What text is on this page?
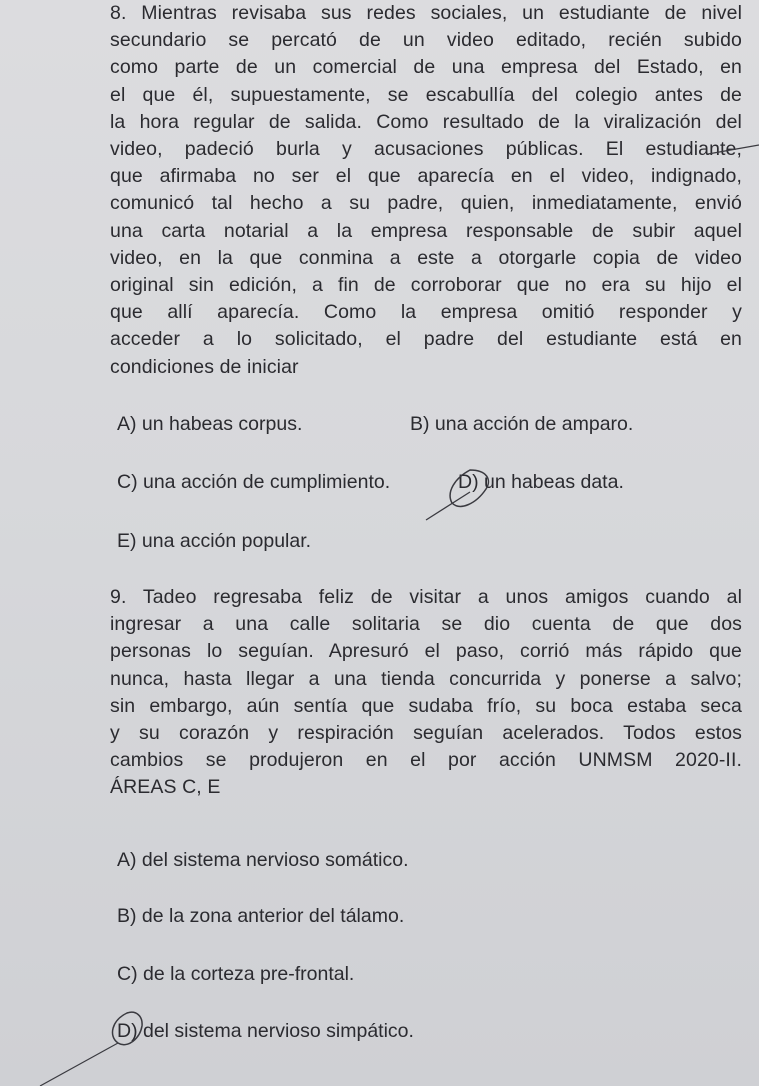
8. Mientras revisaba sus redes sociales, un estudiante de nivel
secundario se percató de un video editado, recién subido
como parte de un comercial de una empresa del Estado, en
el que él, supuestamente, se escabullía del colegio antes de
la hora regular de salida. Como resultado de la viralización del
video, padeció burla y acusaciones públicas. El estudiante,
que afirmaba no ser el que aparecía en el video, indignado,
comunicó tal hecho a su padre, quien, inmediatamente, envió
una carta notarial a la empresa responsable de subir aquel
video, en la que conmina a este a otorgarle copia de video
original sin edición, a fin de corroborar que no era su hijo el
que allí aparecía. Como la empresa omitió responder y
acceder a lo solicitado, el padre del estudiante está en
condiciones de iniciar
A) un habeas corpus.	B) una acción de amparo.
C) una acción de cumplimiento.	D) un habeas data.
E) una acción popular.
9. Tadeo regresaba feliz de visitar a unos amigos cuando al
ingresar a una calle solitaria se dio cuenta de que dos
personas lo seguían. Apresuró el paso, corrió más rápido que
nunca, hasta llegar a una tienda concurrida y ponerse a salvo;
sin embargo, aún sentía que sudaba frío, su boca estaba seca
y su corazón y respiración seguían acelerados. Todos estos
cambios se produjeron en el por acción UNMSM 2020-II.
ÁREAS C, E
A) del sistema nervioso somático.
B) de la zona anterior del tálamo.
C) de la corteza pre-frontal.
D) del sistema nervioso simpático.
